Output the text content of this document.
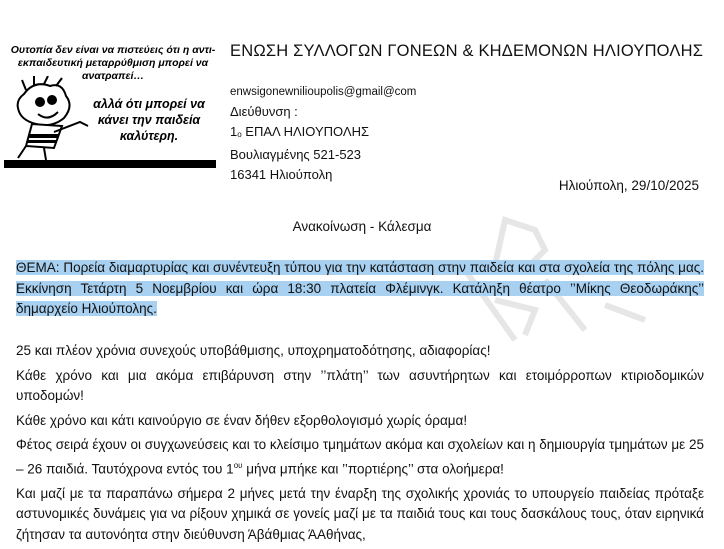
Ουτοπία δεν είναι να πιστεύεις ότι η αντι-εκπαιδευτική μεταρρύθμιση μπορεί να ανατραπεί…
αλλά ότι μπορεί να κάνει την παιδεία καλύτερη.
ΕΝΩΣΗ ΣΥΛΛΟΓΩΝ ΓΟΝΕΩΝ & ΚΗΔΕΜΟΝΩΝ ΗΛΙΟΥΠΟΛΗΣ
enwsigonewnilioupolis@gmail@com
Διεύθυνση :
$1_o$ ΕΠΑΛ ΗΛΙΟΥΠΟΛΗΣ
Βουλιαγμένης 521-523
16341 Ηλιούπολη
Ηλιούπολη, 29/10/2025
Ανακοίνωση - Κάλεσμα
ΘΕΜΑ: Πορεία διαμαρτυρίας και συνέντευξη τύπου για την κατάσταση στην παιδεία και στα σχολεία της πόλης μας. Εκκίνηση Τετάρτη 5 Νοεμβρίου και ώρα 18:30 πλατεία Φλέμινγκ. Κατάληξη θέατρο ’’Μίκης Θεοδωράκης’’ δημαρχείο Ηλιούπολης.

25 και πλέον χρόνια συνεχούς υποβάθμισης, υποχρηματοδότησης, αδιαφορίας!

Κάθε χρόνο και μια ακόμα επιβάρυνση στην ’’πλάτη’’ των ασυντήρητων και ετοιμόρροπων κτιριοδομικών υποδομών!

Κάθε χρόνο και κάτι καινούργιο σε έναν δήθεν εξορθολογισμό χωρίς όραμα!

Φέτος σειρά έχουν οι συγχωνεύσεις και το κλείσιμο τμημάτων ακόμα και σχολείων και η δημιουργία τμημάτων με 25 – 26 παιδιά. Ταυτόχρονα εντός του $1^{o\upsilon}$ μήνα μπήκε και ’’πορτιέρης’’ στα ολοήμερα!

Και μαζί με τα παραπάνω σήμερα 2 μήνες μετά την έναρξη της σχολικής χρονιάς το υπουργείο παιδείας πρόταξε αστυνομικές δυνάμεις για να ρίξουν χημικά σε γονείς μαζί με τα παιδιά τους και τους δασκάλους τους, όταν ειρηνικά ζήτησαν τα αυτονόητα στην διεύθυνση Άβάθμιας ΆΑθήνας,
